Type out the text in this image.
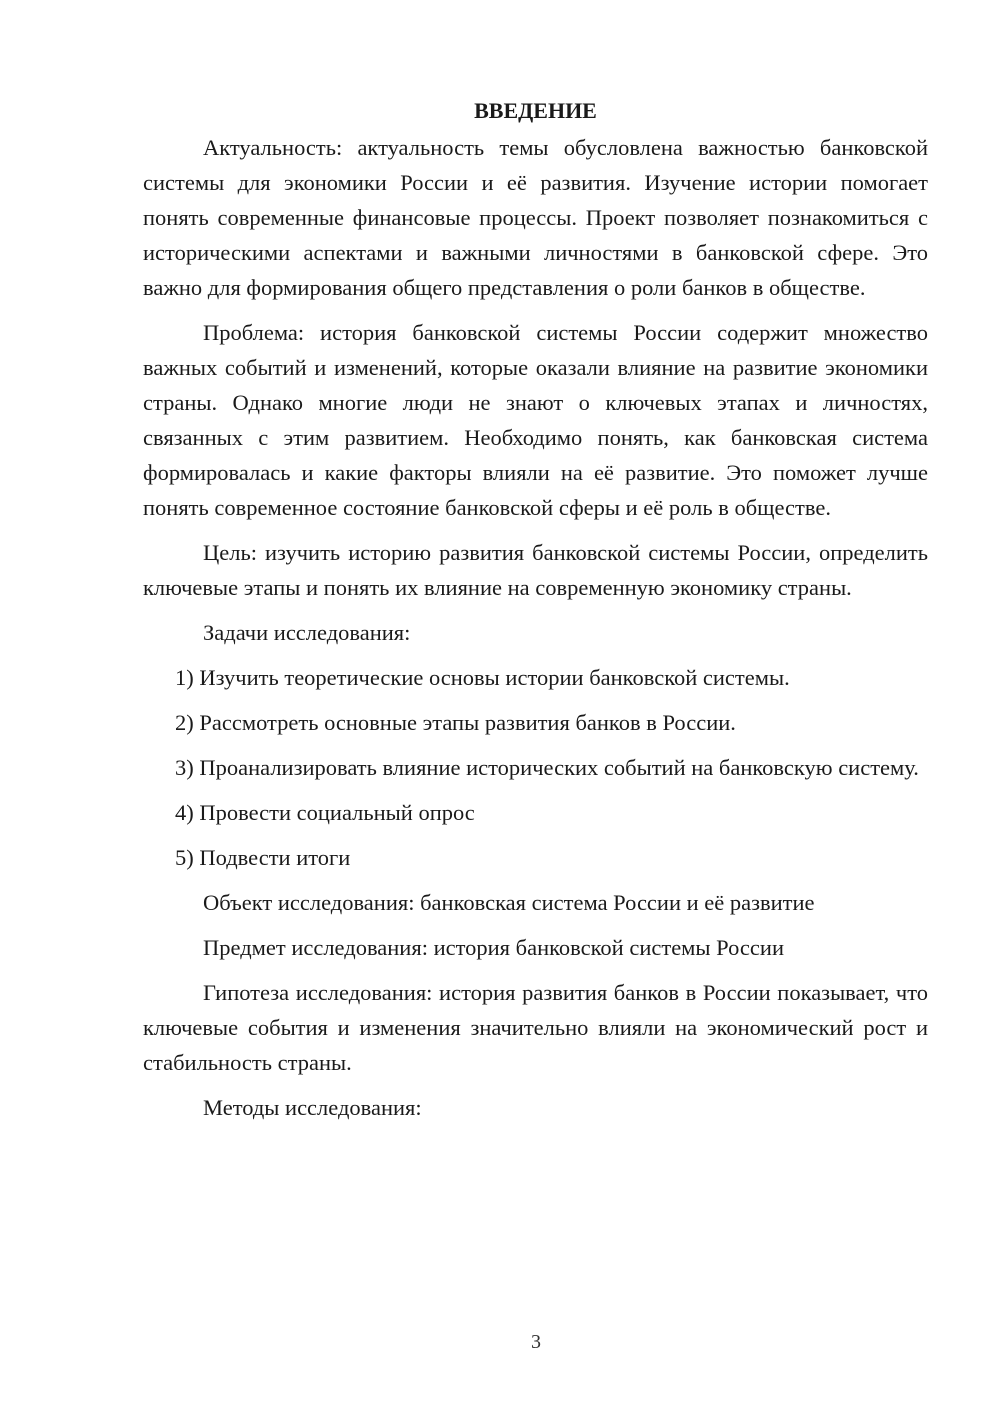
ВВЕДЕНИЕ

Актуальность: актуальность темы обусловлена важностью банковской системы для экономики России и её развития. Изучение истории помогает понять современные финансовые процессы. Проект позволяет познакомиться с историческими аспектами и важными личностями в банковской сфере. Это важно для формирования общего представления о роли банков в обществе.

Проблема: история банковской системы России содержит множество важных событий и изменений, которые оказали влияние на развитие экономики страны. Однако многие люди не знают о ключевых этапах и личностях, связанных с этим развитием. Необходимо понять, как банковская система формировалась и какие факторы влияли на её развитие. Это поможет лучше понять современное состояние банковской сферы и её роль в обществе.

Цель: изучить историю развития банковской системы России, определить ключевые этапы и понять их влияние на современную экономику страны.

Задачи исследования:

1) Изучить теоретические основы истории банковской системы.

2) Рассмотреть основные этапы развития банков в России.

3) Проанализировать влияние исторических событий на банковскую систему.

4) Провести социальный опрос

5) Подвести итоги

Объект исследования: банковская система России и её развитие

Предмет исследования: история банковской системы России

Гипотеза исследования: история развития банков в России показывает, что ключевые события и изменения значительно влияли на экономический рост и стабильность страны.

Методы исследования:

3
